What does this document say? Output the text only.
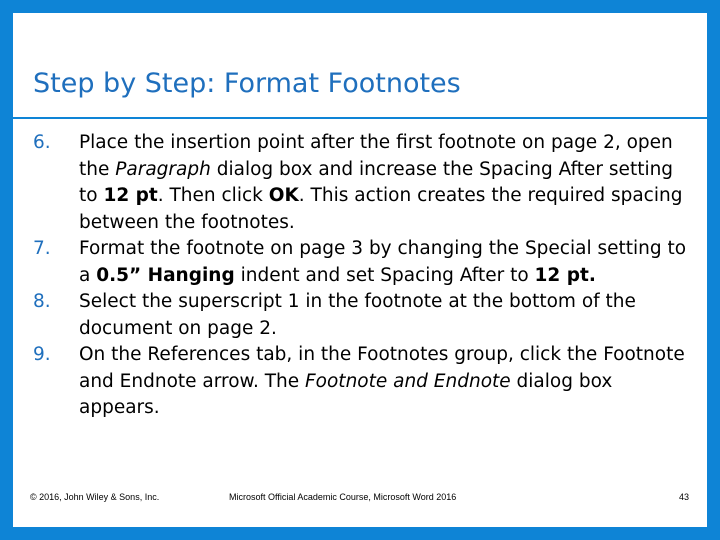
Step by Step: Format Footnotes
6. Place the insertion point after the first footnote on page 2, open the Paragraph dialog box and increase the Spacing After setting to 12 pt. Then click OK. This action creates the required spacing between the footnotes.
7. Format the footnote on page 3 by changing the Special setting to a 0.5” Hanging indent and set Spacing After to 12 pt.
8. Select the superscript 1 in the footnote at the bottom of the document on page 2.
9. On the References tab, in the Footnotes group, click the Footnote and Endnote arrow. The Footnote and Endnote dialog box appears.
© 2016, John Wiley & Sons, Inc.	Microsoft Official Academic Course, Microsoft Word 2016	43
